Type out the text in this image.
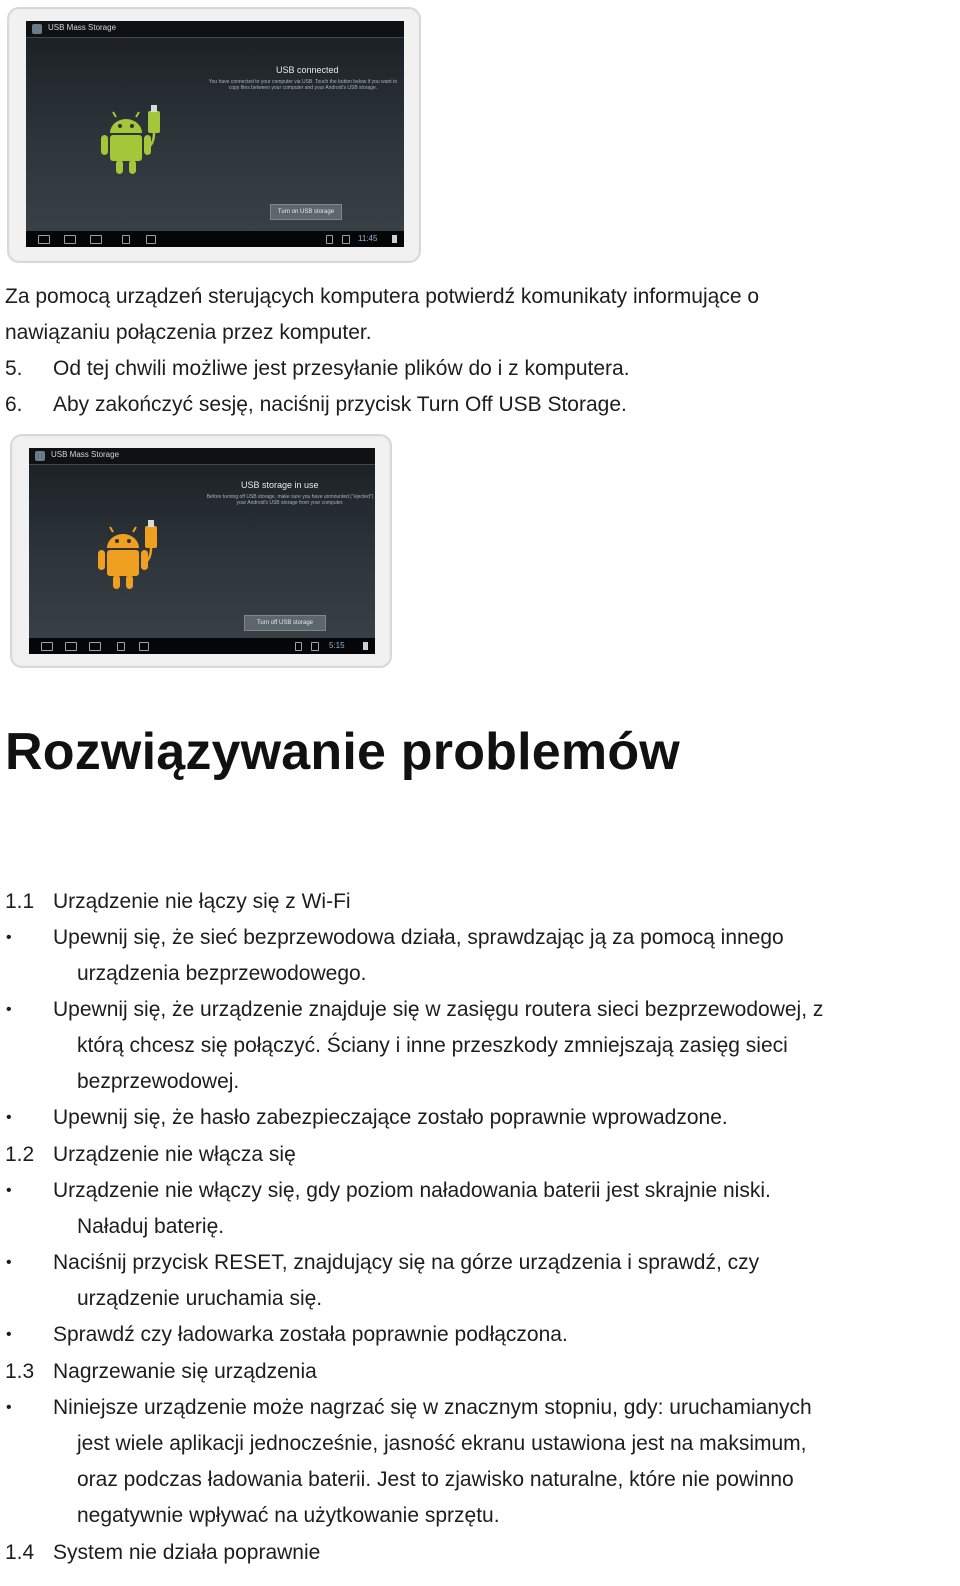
USB Mass Storage
USB connected
You have connected to your computer via USB. Touch the button below if you want to copy files between your computer and your Android's USB storage.
Turn on USB storage
11:45
Za pomocą urządzeń sterujących komputera potwierdź komunikaty informujące o
nawiązaniu połączenia przez komputer.
5. Od tej chwili możliwe jest przesyłanie plików do i z komputera.
6. Aby zakończyć sesję, naciśnij przycisk Turn Off USB Storage.
USB Mass Storage
USB storage in use
Before turning off USB storage, make sure you have unmounted ("ejected") your Android's USB storage from your computer.
Turn off USB storage
5:15
Rozwiązywanie problemów
1.1 Urządzenie nie łączy się z Wi-Fi
• Upewnij się, że sieć bezprzewodowa działa, sprawdzając ją za pomocą innego
urządzenia bezprzewodowego.
• Upewnij się, że urządzenie znajduje się w zasięgu routera sieci bezprzewodowej, z
którą chcesz się połączyć. Ściany i inne przeszkody zmniejszają zasięg sieci
bezprzewodowej.
• Upewnij się, że hasło zabezpieczające zostało poprawnie wprowadzone.
1.2 Urządzenie nie włącza się
• Urządzenie nie włączy się, gdy poziom naładowania baterii jest skrajnie niski.
Naładuj baterię.
• Naciśnij przycisk RESET, znajdujący się na górze urządzenia i sprawdź, czy
urządzenie uruchamia się.
• Sprawdź czy ładowarka została poprawnie podłączona.
1.3 Nagrzewanie się urządzenia
• Niniejsze urządzenie może nagrzać się w znacznym stopniu, gdy: uruchamianych
jest wiele aplikacji jednocześnie, jasność ekranu ustawiona jest na maksimum,
oraz podczas ładowania baterii. Jest to zjawisko naturalne, które nie powinno
negatywnie wpływać na użytkowanie sprzętu.
1.4 System nie działa poprawnie
